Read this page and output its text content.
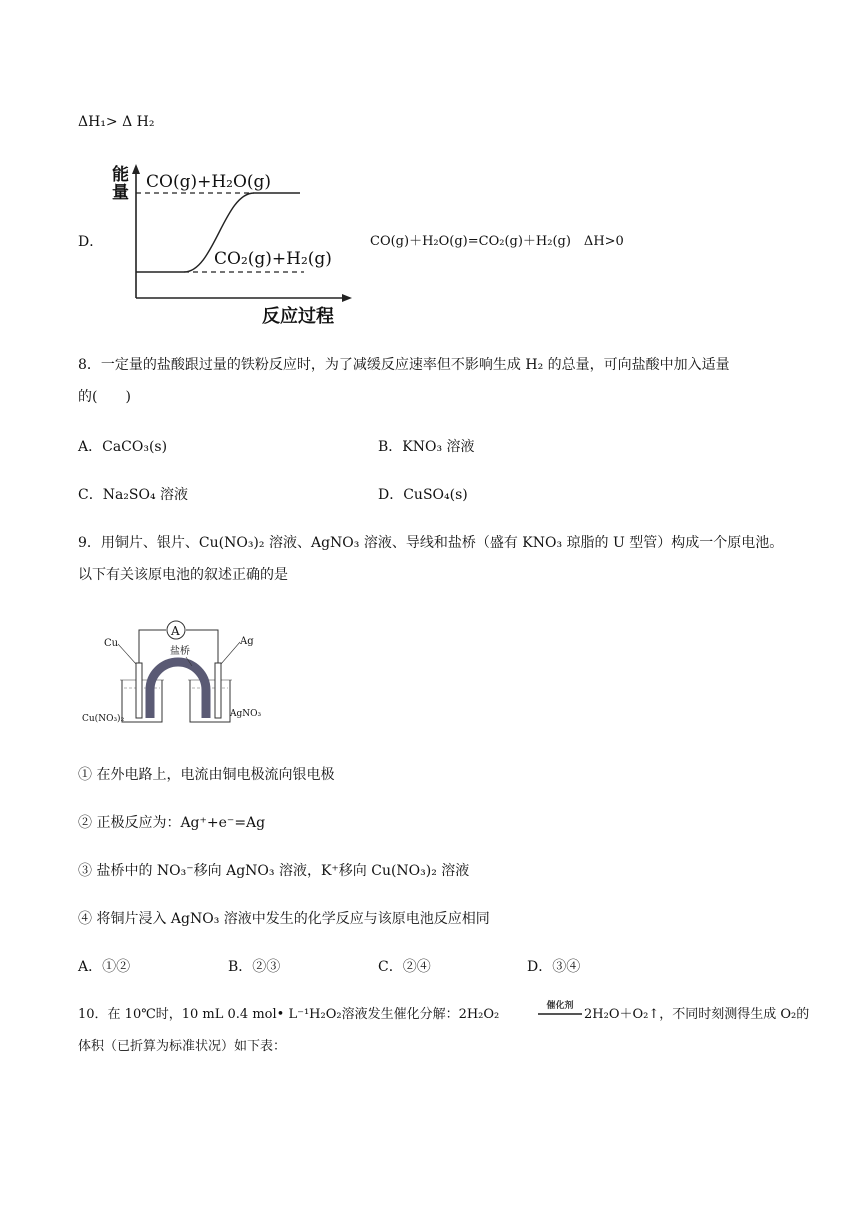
ΔH₁> Δ H₂
D．
能
量
CO(g)+H₂O(g)
CO₂(g)+H₂(g)
反应过程
CO(g)＋H₂O(g)=CO₂(g)＋H₂(g)　ΔH>0
8．一定量的盐酸跟过量的铁粉反应时，为了减缓反应速率但不影响生成 H₂ 的总量，可向盐酸中加入适量
的(　　)
A．CaCO₃(s)	B．KNO₃ 溶液
C．Na₂SO₄ 溶液	D．CuSO₄(s)
9．用铜片、银片、Cu(NO₃)₂ 溶液、AgNO₃ 溶液、导线和盐桥（盛有 KNO₃ 琼脂的 U 型管）构成一个原电池。
以下有关该原电池的叙述正确的是
A
Cu	Ag
盐桥
Cu(NO₃)₂	AgNO₃
① 在外电路上，电流由铜电极流向银电极
② 正极反应为：Ag⁺+e⁻=Ag
③ 盐桥中的 NO₃⁻移向 AgNO₃ 溶液，K⁺移向 Cu(NO₃)₂ 溶液
④ 将铜片浸入 AgNO₃ 溶液中发生的化学反应与该原电池反应相同
A．①②	B．②③	C．②④	D．③④
10．在 10℃时，10 mL 0.4 mol• L⁻¹H₂O₂溶液发生催化分解：2H₂O₂
催化剂
2H₂O＋O₂↑，不同时刻测得生成 O₂的
体积（已折算为标准状况）如下表：
